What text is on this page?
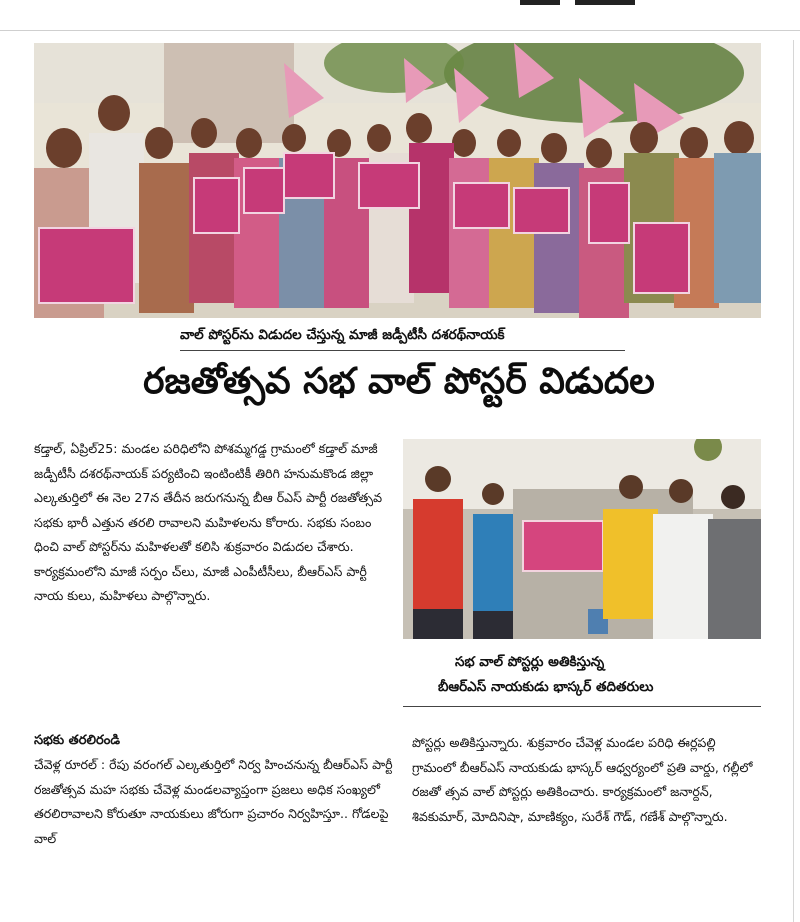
వాల్ పోస్టర్‌ను విడుదల చేస్తున్న మాజీ జడ్పీటీసీ దశరథ్‌నాయక్
రజతోత్సవ సభ వాల్ పోస్టర్ విడుదల

కడ్తాల్, ఏప్రిల్25: మండల పరిధిలోని పోశమ్మగడ్డ గ్రామంలో కడ్తాల్ మాజీ జడ్పీటీసీ దశరథ్‌నాయక్ పర్యటించి ఇంటింటికీ తిరిగి హనుమకొండ జిల్లా ఎల్కతుర్తిలో ఈ నెల 27న తేదీన జరుగనున్న బీఆ ర్‌ఎస్ పార్టీ రజతోత్సవ సభకు భారీ ఎత్తున తరలి రావాలని మహిళలను కోరారు. సభకు సంబం ధించి వాల్ పోస్టర్‌ను మహిళలతో కలిసి శుక్రవారం విడుదల చేశారు. కార్యక్రమంలోని మాజీ సర్పం చ్‌లు, మాజీ ఎంపీటీసీలు, బీఆర్‌ఎస్ పార్టీ నాయ కులు, మహిళలు పాల్గొన్నారు.

సభకు తరలిరండి

చేవెళ్ల రూరల్ : రేపు వరంగల్ ఎల్కతుర్తిలో నిర్వ హించనున్న బీఆర్‌ఎస్ పార్టీ రజతోత్సవ మహ సభకు చేవెళ్ల మండలవ్యాప్తంగా ప్రజలు అధిక సంఖ్యలో తరలిరావాలని కోరుతూ నాయకులు జోరుగా ప్రచారం నిర్వహిస్తూ.. గోడలపై వాల్

సభ వాల్ పోస్టర్లు అతికిస్తున్న
బీఆర్‌ఎస్ నాయకుడు భాస్కర్ తదితరులు

పోస్టర్లు అతికిస్తున్నారు. శుక్రవారం చేవెళ్ల మండల పరిధి ఈర్లపల్లి గ్రామంలో బీఆర్‌ఎస్ నాయకుడు భాస్కర్ ఆధ్వర్యంలో ప్రతి వార్డు, గల్లీలో రజతో త్సవ వాల్ పోస్టర్లు అతికించారు. కార్యక్రమంలో జనార్దన్, శివకుమార్, మోదినిషా, మాణిక్యం, సురేశ్ గౌడ్, గణేశ్ పాల్గొన్నారు.
